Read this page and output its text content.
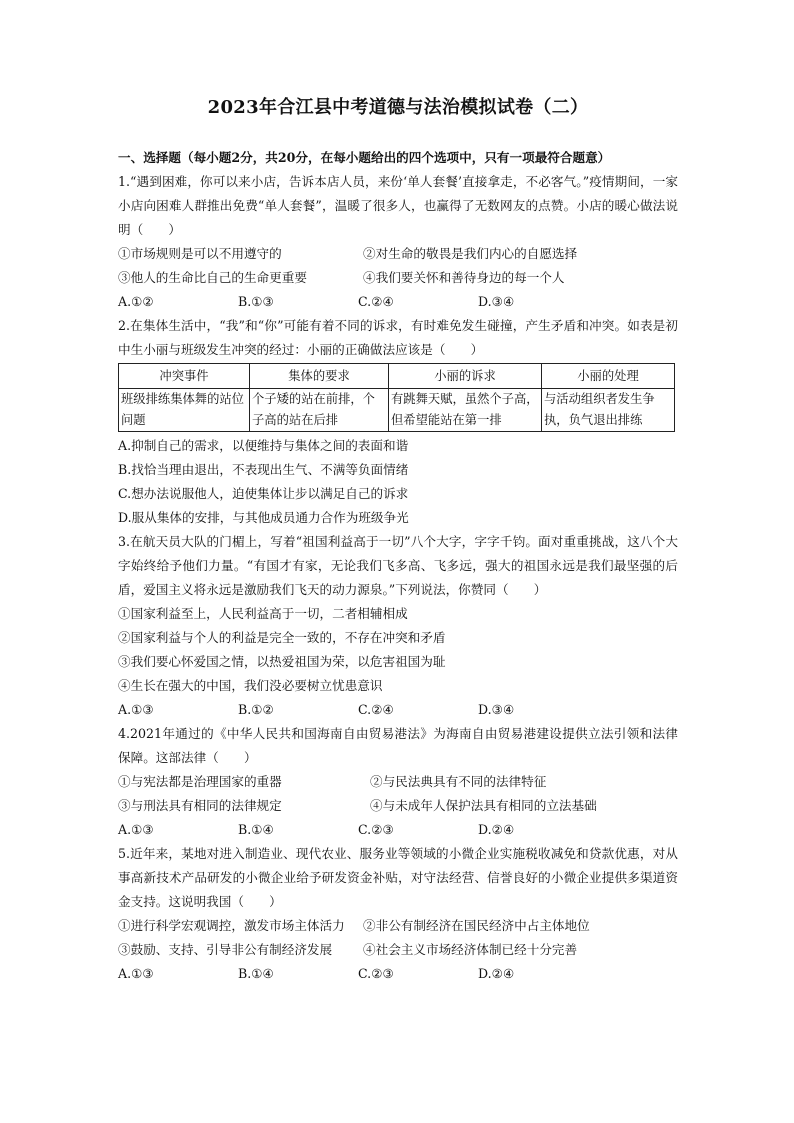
2023年合江县中考道德与法治模拟试卷（二）

一、选择题（每小题2分，共20分，在每小题给出的四个选项中，只有一项最符合题意）

1.“遇到困难，你可以来小店，告诉本店人员，来份‘单人套餐’直接拿走，不必客气。”疫情期间，一家小店向困难人群推出免费“单人套餐”，温暖了很多人，也赢得了无数网友的点赞。小店的暖心做法说明（　　）

①市场规则是可以不用遵守的	②对生命的敬畏是我们内心的自愿选择
③他人的生命比自己的生命更重要	④我们要关怀和善待身边的每一个人
A.①②	B.①③	C.②④	D.③④

2.在集体生活中，“我”和“你”可能有着不同的诉求，有时难免发生碰撞，产生矛盾和冲突。如表是初中生小丽与班级发生冲突的经过：小丽的正确做法应该是（　　）

冲突事件	集体的要求	小丽的诉求	小丽的处理
班级排练集体舞的站位问题	个子矮的站在前排，个子高的站在后排	有跳舞天赋，虽然个子高，但希望能站在第一排	与活动组织者发生争执，负气退出排练

A.抑制自己的需求，以便维持与集体之间的表面和谐

B.找恰当理由退出，不表现出生气、不满等负面情绪

C.想办法说服他人，迫使集体让步以满足自己的诉求

D.服从集体的安排，与其他成员通力合作为班级争光

3.在航天员大队的门楣上，写着“祖国利益高于一切”八个大字，字字千钧。面对重重挑战，这八个大字始终给予他们力量。“有国才有家，无论我们飞多高、飞多远，强大的祖国永远是我们最坚强的后盾，爱国主义将永远是激励我们飞天的动力源泉。”下列说法，你赞同（　　）

①国家利益至上，人民利益高于一切，二者相辅相成

②国家利益与个人的利益是完全一致的，不存在冲突和矛盾

③我们要心怀爱国之情，以热爱祖国为荣，以危害祖国为耻

④生长在强大的中国，我们没必要树立忧患意识

A.①③	B.①②	C.②④	D.③④

4.2021年通过的《中华人民共和国海南自由贸易港法》为海南自由贸易港建设提供立法引领和法律保障。这部法律（　　）

①与宪法都是治理国家的重器	②与民法典具有不同的法律特征
③与刑法具有相同的法律规定	④与未成年人保护法具有相同的立法基础
A.①③	B.①④	C.②③	D.②④

5.近年来，某地对进入制造业、现代农业、服务业等领域的小微企业实施税收减免和贷款优惠，对从事高新技术产品研发的小微企业给予研发资金补贴，对守法经营、信誉良好的小微企业提供多渠道资金支持。这说明我国（　　）

①进行科学宏观调控，激发市场主体活力	②非公有制经济在国民经济中占主体地位
③鼓励、支持、引导非公有制经济发展	④社会主义市场经济体制已经十分完善
A.①③	B.①④	C.②③	D.②④
